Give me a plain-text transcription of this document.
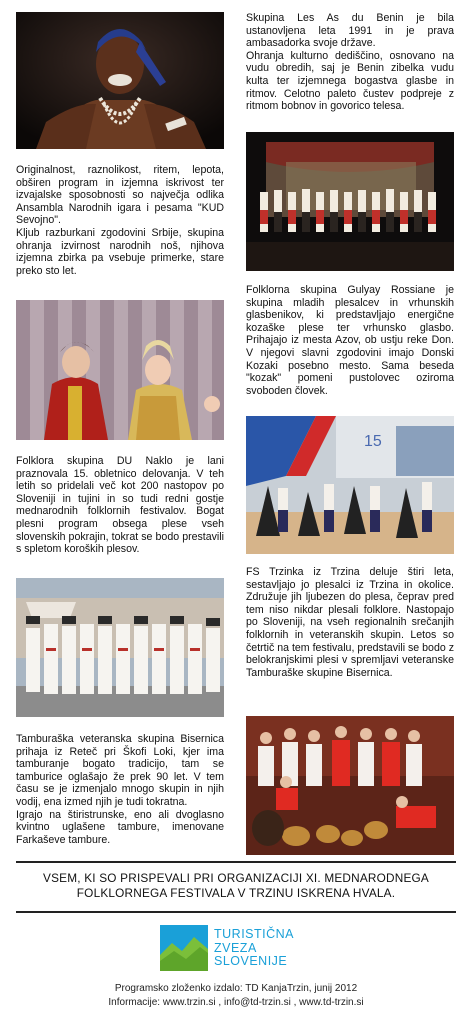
Skupina Les As du Benin je bila ustanovljena leta 1991 in je prava ambasadorka svoje države.

Ohranja kulturno dediščino, osnovano na vudu obredih, saj je Benin zibelka vudu kulta ter izjemnega bogastva glasbe in ritmov. Celotno paleto čustev podpreje z ritmom bobnov in govorico telesa.

Originalnost, raznolikost, ritem, lepota, obširen program in izjemna iskrivost ter izvajalske sposobnosti so največja odlika Ansambla Narodnih igara i pesama "KUD Sevojno".

Kljub razburkani zgodovini Srbije, skupina ohranja izvirnost narodnih noš, njihova izjemna zbirka pa vsebuje primerke, stare preko sto let.

Folklorna skupina Gulyay Rossiane je skupina mladih plesalcev in vrhunskih glasbenikov, ki predstavljajo energične kozaške plese ter vrhunsko glasbo. Prihajajo iz mesta Azov, ob ustju reke Don. V njegovi slavni zgodovini imajo Donski Kozaki posebno mesto. Sama beseda "kozak" pomeni pustolovec oziroma svoboden človek.

15

Folklora skupina DU Naklo je lani praznovala 15. obletnico delovanja. V teh letih so pridelali več kot 200 nastopov po Sloveniji in tujini in so tudi redni gostje mednarodnih folklornih festivalov. Bogat plesni program obsega plese vseh slovenskih pokrajin, tokrat se bodo prestavili s spletom koroških plesov.

FS Trzinka iz Trzina deluje štiri leta, sestavljajo jo plesalci iz Trzina in okolice. Združuje jih ljubezen do plesa, čeprav pred tem niso nikdar plesali folklore. Nastopajo po Sloveniji, na vseh regionalnih srečanjih folklornih in veteranskih skupin. Letos so četrtič na tem festivalu, predstavili se bodo z belokranjskimi plesi v spremljavi veteranske Tamburaške skupine Bisernica.

Tamburaška veteranska skupina Bisernica prihaja iz Reteč pri Škofi Loki, kjer ima tamburanje bogato tradicijo, tam se tamburice oglašajo že prek 90 let. V tem času se je izmenjalo mnogo skupin in njih vodij, ena izmed njih je tudi tokratna.

Igrajo na štiristrunske, eno ali dvoglasno kvintno uglašene tambure, imenovane Farkaševe tambure.

VSEM, KI SO PRISPEVALI PRI ORGANIZACIJI XI. MEDNARODNEGA
FOLKLORNEGA FESTIVALA V TRZINU ISKRENA HVALA.
TURISTIČNA
ZVEZA
SLOVENIJE
Programsko zloženko izdalo: TD KanjaTrzin, junij 2012
Informacije: www.trzin.si , info@td-trzin.si , www.td-trzin.si
